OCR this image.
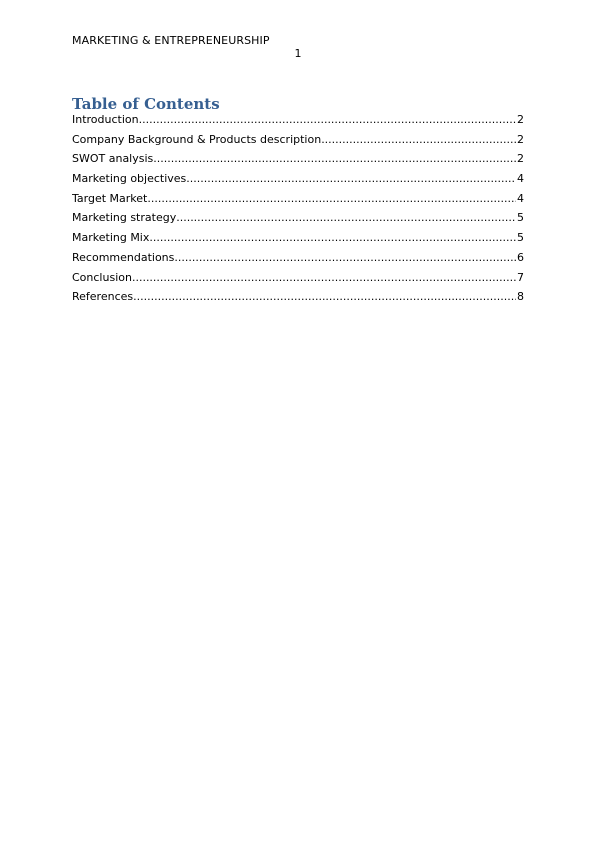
MARKETING & ENTREPRENEURSHIP
1
Table of Contents
Introduction .....	2
Company Background & Products description .....	2
SWOT analysis .....	2
Marketing objectives .....	4
Target Market .....	4
Marketing strategy .....	5
Marketing Mix .....	5
Recommendations .....	6
Conclusion .....	7
References .....	8
